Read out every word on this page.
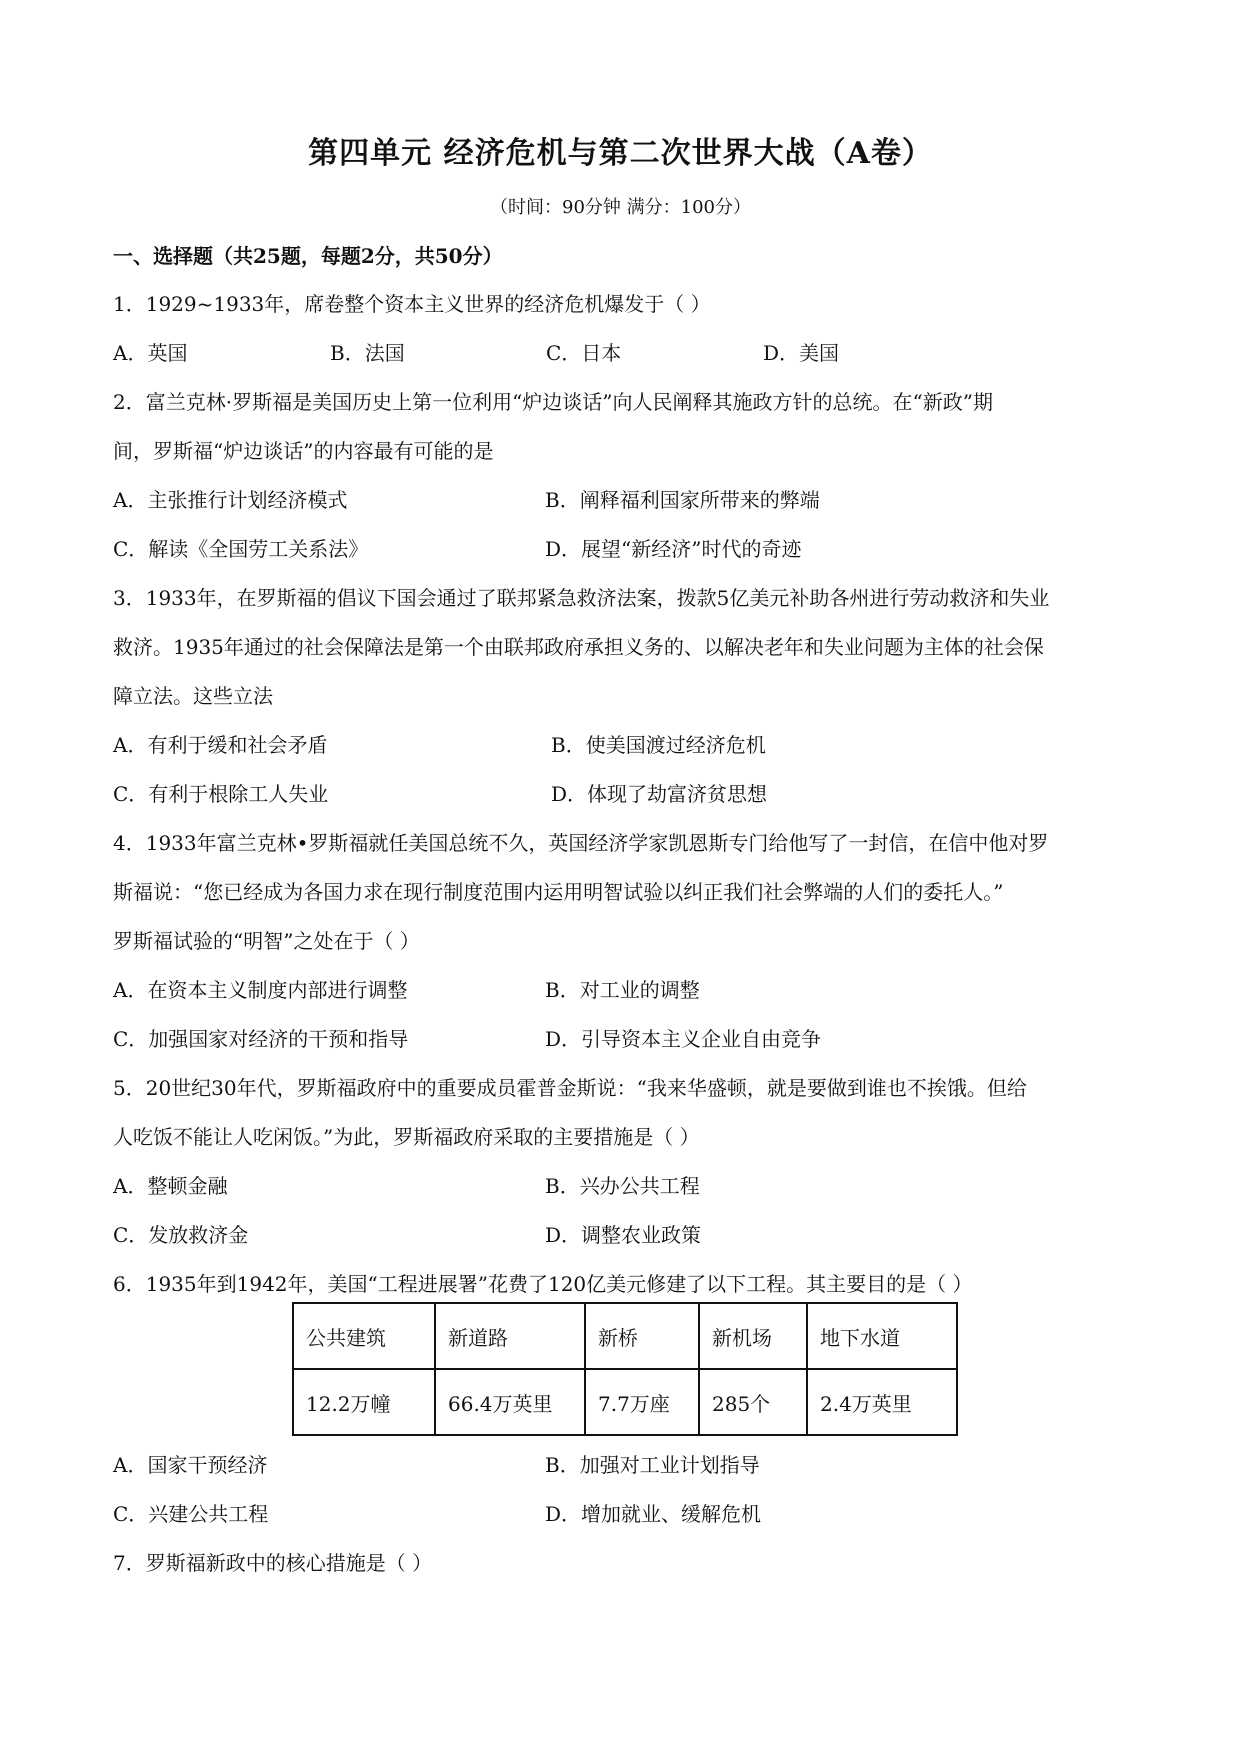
第四单元 经济危机与第二次世界大战（A卷）
（时间：90分钟 满分：100分）
一、选择题（共25题，每题2分，共50分）
1．1929~1933年，席卷整个资本主义世界的经济危机爆发于（ ）
A．英国	B．法国	C．日本	D．美国
2．富兰克林·罗斯福是美国历史上第一位利用“炉边谈话”向人民阐释其施政方针的总统。在“新政”期
间，罗斯福“炉边谈话”的内容最有可能的是
A．主张推行计划经济模式	B．阐释福利国家所带来的弊端
C．解读《全国劳工关系法》	D．展望“新经济”时代的奇迹
3．1933年，在罗斯福的倡议下国会通过了联邦紧急救济法案，拨款5亿美元补助各州进行劳动救济和失业
救济。1935年通过的社会保障法是第一个由联邦政府承担义务的、以解决老年和失业问题为主体的社会保
障立法。这些立法
A．有利于缓和社会矛盾	B．使美国渡过经济危机
C．有利于根除工人失业	D．体现了劫富济贫思想
4．1933年富兰克林•罗斯福就任美国总统不久，英国经济学家凯恩斯专门给他写了一封信，在信中他对罗
斯福说：“您已经成为各国力求在现行制度范围内运用明智试验以纠正我们社会弊端的人们的委托人。”
罗斯福试验的“明智”之处在于（ ）
A．在资本主义制度内部进行调整	B．对工业的调整
C．加强国家对经济的干预和指导	D．引导资本主义企业自由竞争
5．20世纪30年代，罗斯福政府中的重要成员霍普金斯说：“我来华盛顿，就是要做到谁也不挨饿。但给
人吃饭不能让人吃闲饭。”为此，罗斯福政府采取的主要措施是（ ）
A．整顿金融	B．兴办公共工程
C．发放救济金	D．调整农业政策
6．1935年到1942年，美国“工程进展署”花费了120亿美元修建了以下工程。其主要目的是（ ）
公共建筑	新道路	新桥	新机场	地下水道
12.2万幢	66.4万英里	7.7万座	285个	2.4万英里
A．国家干预经济	B．加强对工业计划指导
C．兴建公共工程	D．增加就业、缓解危机
7．罗斯福新政中的核心措施是（ ）
